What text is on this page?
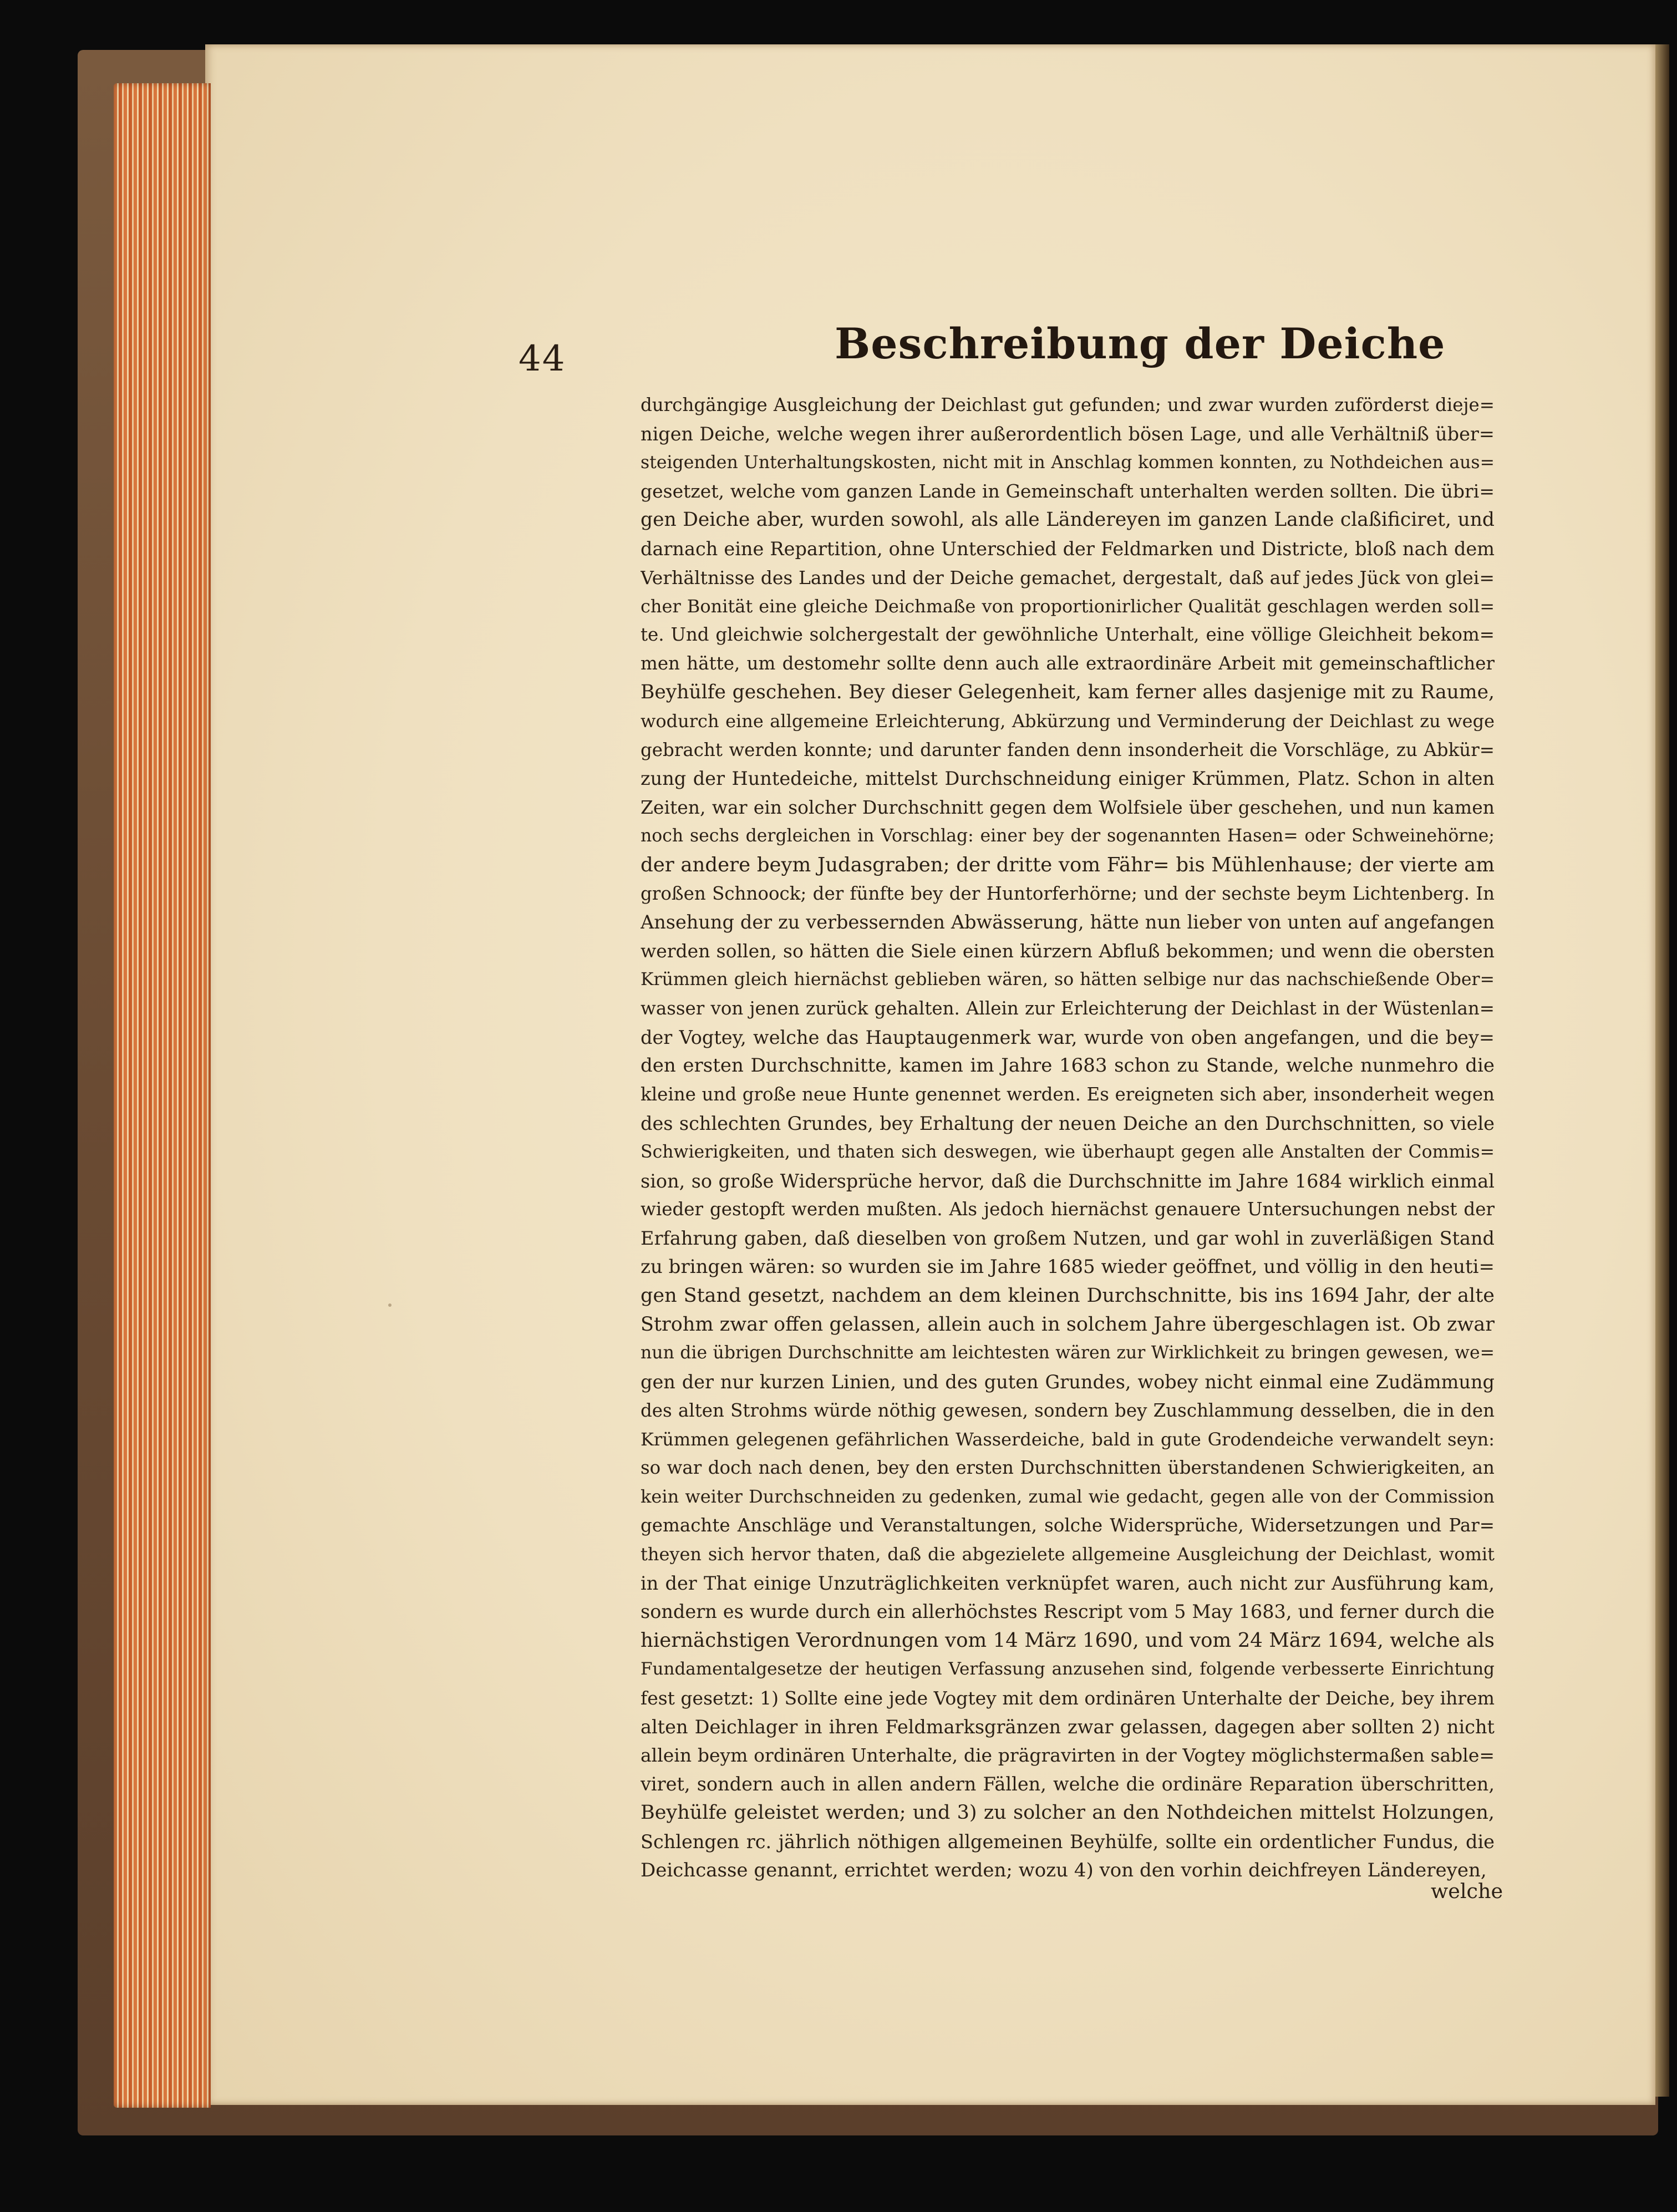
44	Beschreibung der Deiche
durchgängige Ausgleichung der Deichlast gut gefunden; und zwar wurden zuförderst dieje=
nigen Deiche, welche wegen ihrer außerordentlich bösen Lage, und alle Verhältniß über=
steigenden Unterhaltungskosten, nicht mit in Anschlag kommen konnten, zu Nothdeichen aus=
gesetzet, welche vom ganzen Lande in Gemeinschaft unterhalten werden sollten. Die übri=
gen Deiche aber, wurden sowohl, als alle Ländereyen im ganzen Lande claßificiret, und
darnach eine Repartition, ohne Unterschied der Feldmarken und Districte, bloß nach dem
Verhältnisse des Landes und der Deiche gemachet, dergestalt, daß auf jedes Jück von glei=
cher Bonität eine gleiche Deichmaße von proportionirlicher Qualität geschlagen werden soll=
te. Und gleichwie solchergestalt der gewöhnliche Unterhalt, eine völlige Gleichheit bekom=
men hätte, um destomehr sollte denn auch alle extraordinäre Arbeit mit gemeinschaftlicher
Beyhülfe geschehen. Bey dieser Gelegenheit, kam ferner alles dasjenige mit zu Raume,
wodurch eine allgemeine Erleichterung, Abkürzung und Verminderung der Deichlast zu wege
gebracht werden konnte; und darunter fanden denn insonderheit die Vorschläge, zu Abkür=
zung der Huntedeiche, mittelst Durchschneidung einiger Krümmen, Platz. Schon in alten
Zeiten, war ein solcher Durchschnitt gegen dem Wolfsiele über geschehen, und nun kamen
noch sechs dergleichen in Vorschlag: einer bey der sogenannten Hasen= oder Schweinehörne;
der andere beym Judasgraben; der dritte vom Fähr= bis Mühlenhause; der vierte am
großen Schnoock; der fünfte bey der Huntorferhörne; und der sechste beym Lichtenberg. In
Ansehung der zu verbessernden Abwässerung, hätte nun lieber von unten auf angefangen
werden sollen, so hätten die Siele einen kürzern Abfluß bekommen; und wenn die obersten
Krümmen gleich hiernächst geblieben wären, so hätten selbige nur das nachschießende Ober=
wasser von jenen zurück gehalten. Allein zur Erleichterung der Deichlast in der Wüstenlan=
der Vogtey, welche das Hauptaugenmerk war, wurde von oben angefangen, und die bey=
den ersten Durchschnitte, kamen im Jahre 1683 schon zu Stande, welche nunmehro die
kleine und große neue Hunte genennet werden. Es ereigneten sich aber, insonderheit wegen
des schlechten Grundes, bey Erhaltung der neuen Deiche an den Durchschnitten, so viele
Schwierigkeiten, und thaten sich deswegen, wie überhaupt gegen alle Anstalten der Commis=
sion, so große Widersprüche hervor, daß die Durchschnitte im Jahre 1684 wirklich einmal
wieder gestopft werden mußten. Als jedoch hiernächst genauere Untersuchungen nebst der
Erfahrung gaben, daß dieselben von großem Nutzen, und gar wohl in zuverläßigen Stand
zu bringen wären: so wurden sie im Jahre 1685 wieder geöffnet, und völlig in den heuti=
gen Stand gesetzt, nachdem an dem kleinen Durchschnitte, bis ins 1694 Jahr, der alte
Strohm zwar offen gelassen, allein auch in solchem Jahre übergeschlagen ist. Ob zwar
nun die übrigen Durchschnitte am leichtesten wären zur Wirklichkeit zu bringen gewesen, we=
gen der nur kurzen Linien, und des guten Grundes, wobey nicht einmal eine Zudämmung
des alten Strohms würde nöthig gewesen, sondern bey Zuschlammung desselben, die in den
Krümmen gelegenen gefährlichen Wasserdeiche, bald in gute Grodendeiche verwandelt seyn:
so war doch nach denen, bey den ersten Durchschnitten überstandenen Schwierigkeiten, an
kein weiter Durchschneiden zu gedenken, zumal wie gedacht, gegen alle von der Commission
gemachte Anschläge und Veranstaltungen, solche Widersprüche, Widersetzungen und Par=
theyen sich hervor thaten, daß die abgezielete allgemeine Ausgleichung der Deichlast, womit
in der That einige Unzuträglichkeiten verknüpfet waren, auch nicht zur Ausführung kam,
sondern es wurde durch ein allerhöchstes Rescript vom 5 May 1683, und ferner durch die
hiernächstigen Verordnungen vom 14 März 1690, und vom 24 März 1694, welche als
Fundamentalgesetze der heutigen Verfassung anzusehen sind, folgende verbesserte Einrichtung
fest gesetzt: 1) Sollte eine jede Vogtey mit dem ordinären Unterhalte der Deiche, bey ihrem
alten Deichlager in ihren Feldmarksgränzen zwar gelassen, dagegen aber sollten 2) nicht
allein beym ordinären Unterhalte, die prägravirten in der Vogtey möglichstermaßen sable=
viret, sondern auch in allen andern Fällen, welche die ordinäre Reparation überschritten,
Beyhülfe geleistet werden; und 3) zu solcher an den Nothdeichen mittelst Holzungen,
Schlengen rc. jährlich nöthigen allgemeinen Beyhülfe, sollte ein ordentlicher Fundus, die
Deichcasse genannt, errichtet werden; wozu 4) von den vorhin deichfreyen Ländereyen,
welche
